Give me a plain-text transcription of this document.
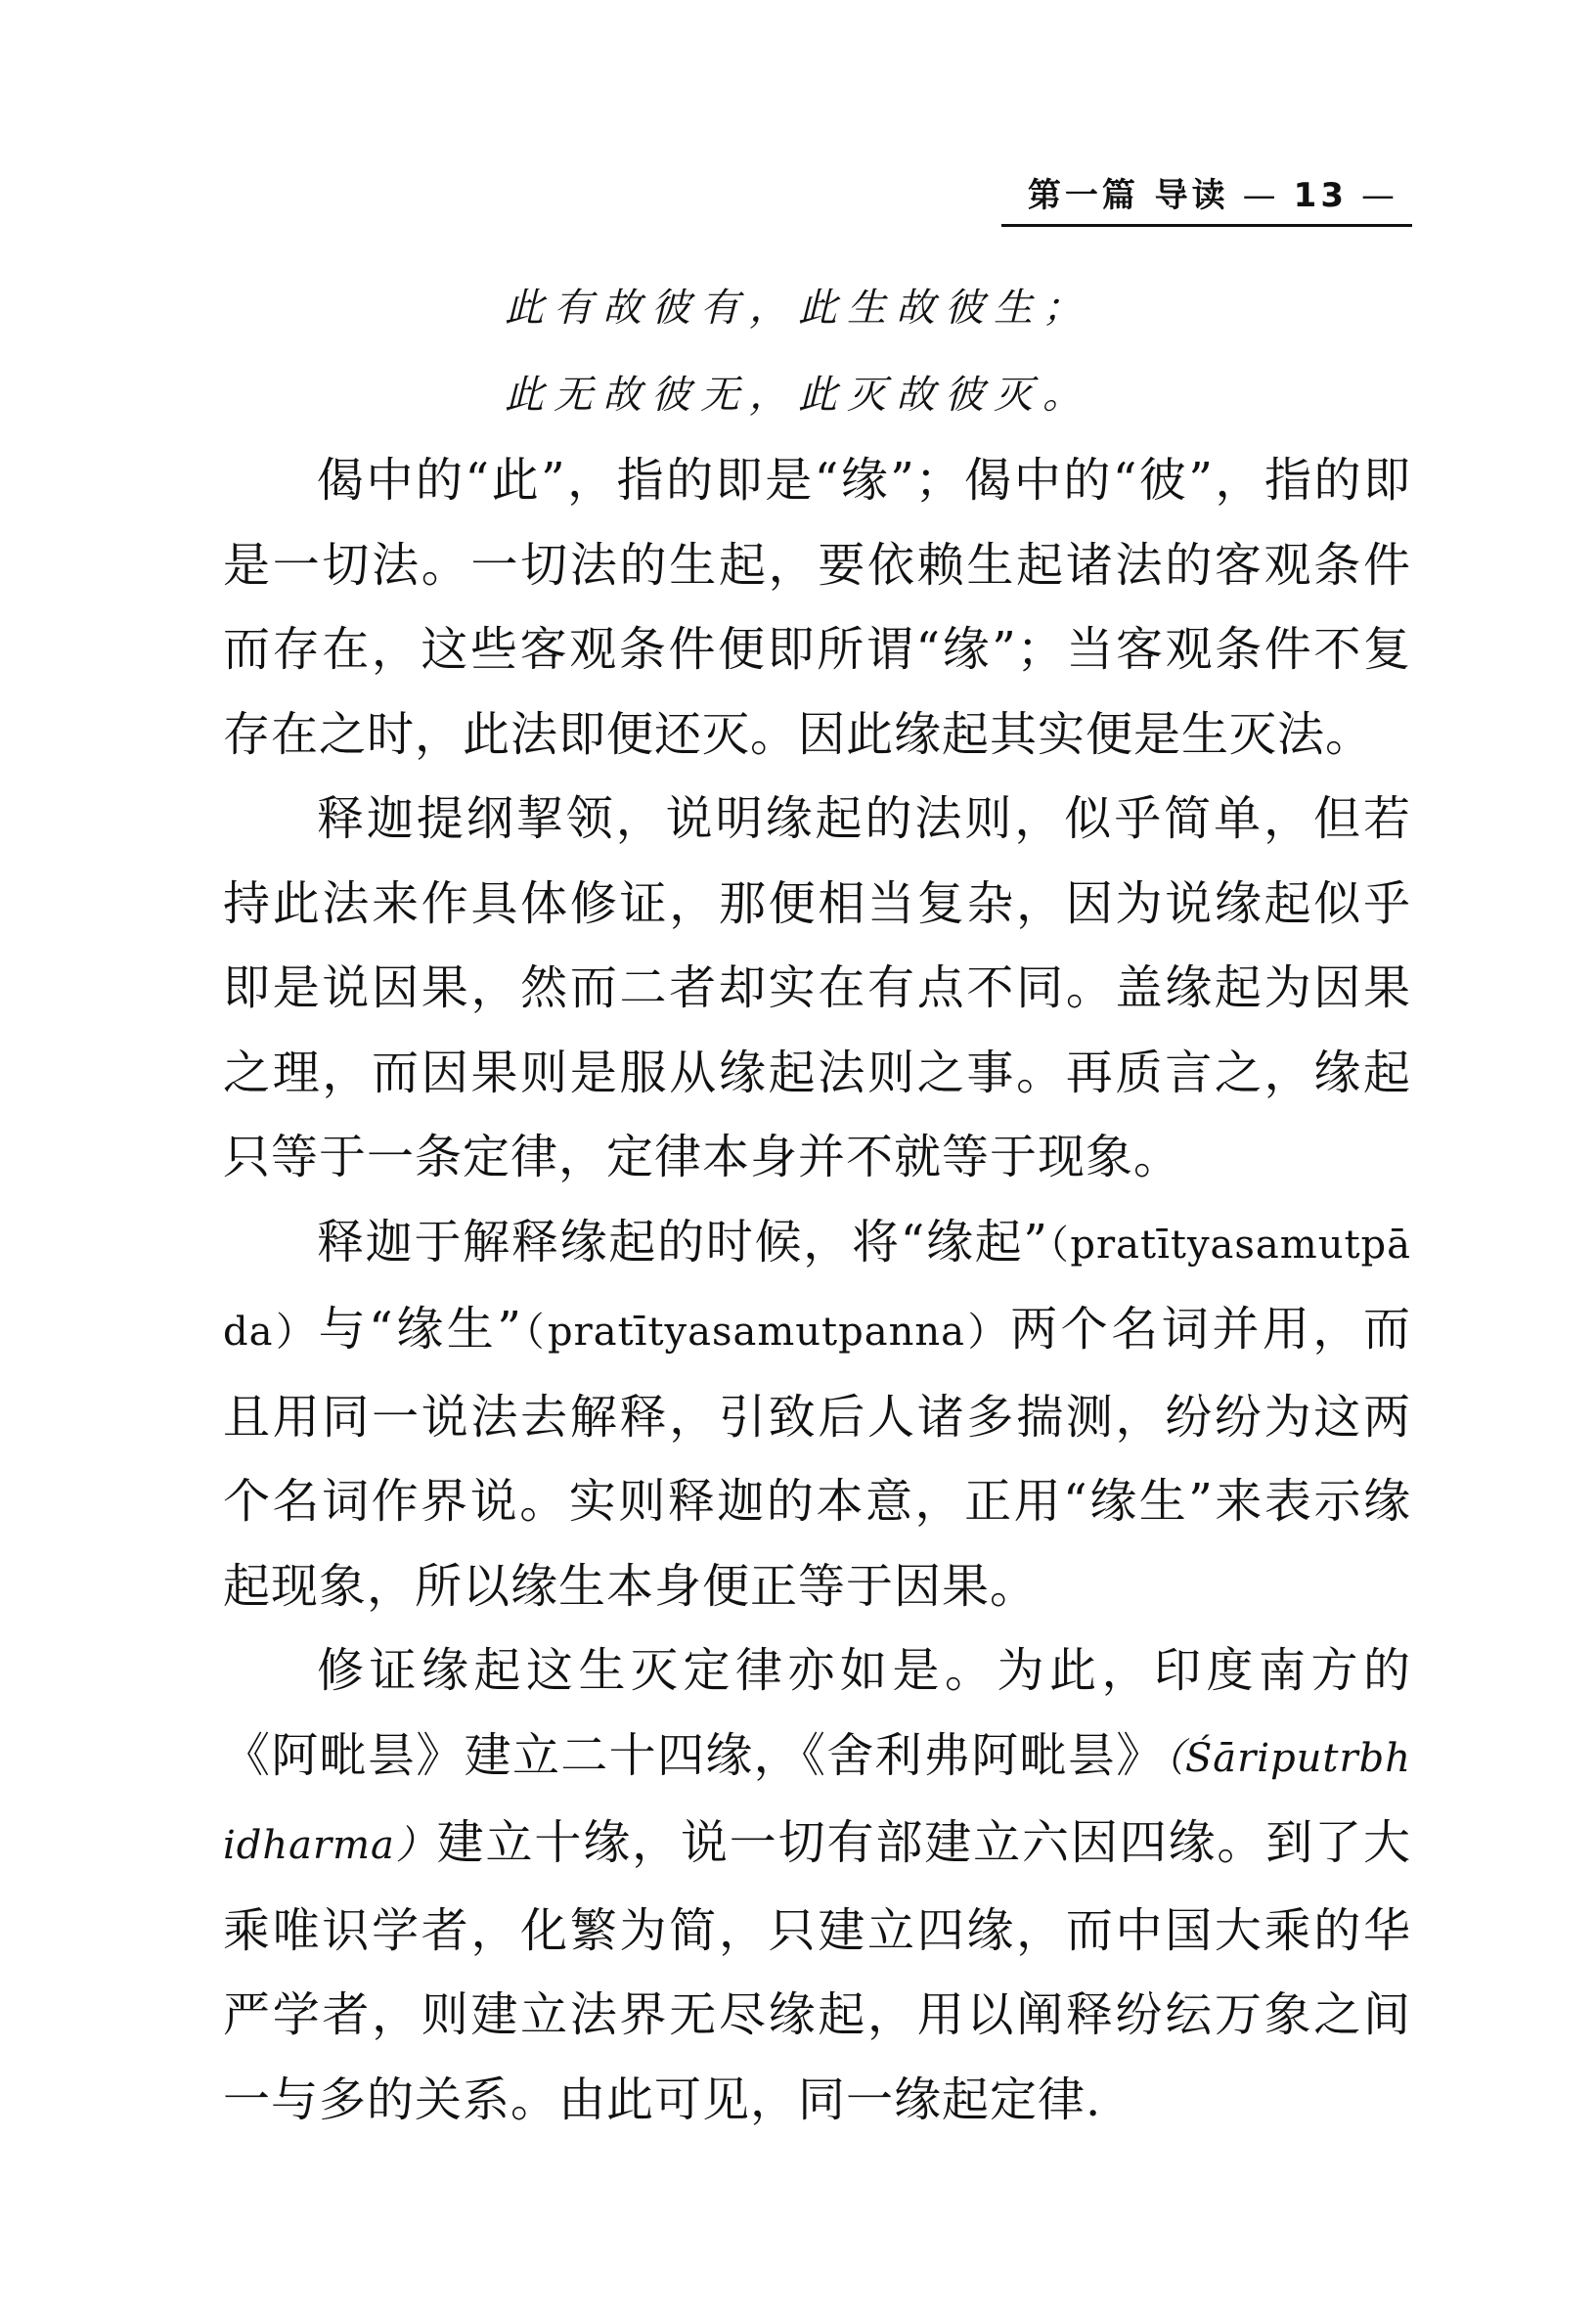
第一篇 导读 — 13 —
此有故彼有，此生故彼生；
此无故彼无，此灭故彼灭。

偈中的“此”，指的即是“缘”；偈中的“彼”，指的即是一切法。一切法的生起，要依赖生起诸法的客观条件而存在，这些客观条件便即所谓“缘”；当客观条件不复存在之时，此法即便还灭。因此缘起其实便是生灭法。

释迦提纲挈领，说明缘起的法则，似乎简单，但若持此法来作具体修证，那便相当复杂，因为说缘起似乎即是说因果，然而二者却实在有点不同。盖缘起为因果之理，而因果则是服从缘起法则之事。再质言之，缘起只等于一条定律，定律本身并不就等于现象。

释迦于解释缘起的时候，将“缘起”（pratītyasamutpāda）与“缘生”（pratītyasamutpanna）两个名词并用，而且用同一说法去解释，引致后人诸多揣测，纷纷为这两个名词作界说。实则释迦的本意，正用“缘生”来表示缘起现象，所以缘生本身便正等于因果。

修证缘起这生灭定律亦如是。为此，印度南方的《阿毗昙》建立二十四缘，《舍利弗阿毗昙》（Śāriputrbhidharma）建立十缘，说一切有部建立六因四缘。到了大乘唯识学者，化繁为简，只建立四缘，而中国大乘的华严学者，则建立法界无尽缘起，用以阐释纷纭万象之间一与多的关系。由此可见，同一缘起定律.
